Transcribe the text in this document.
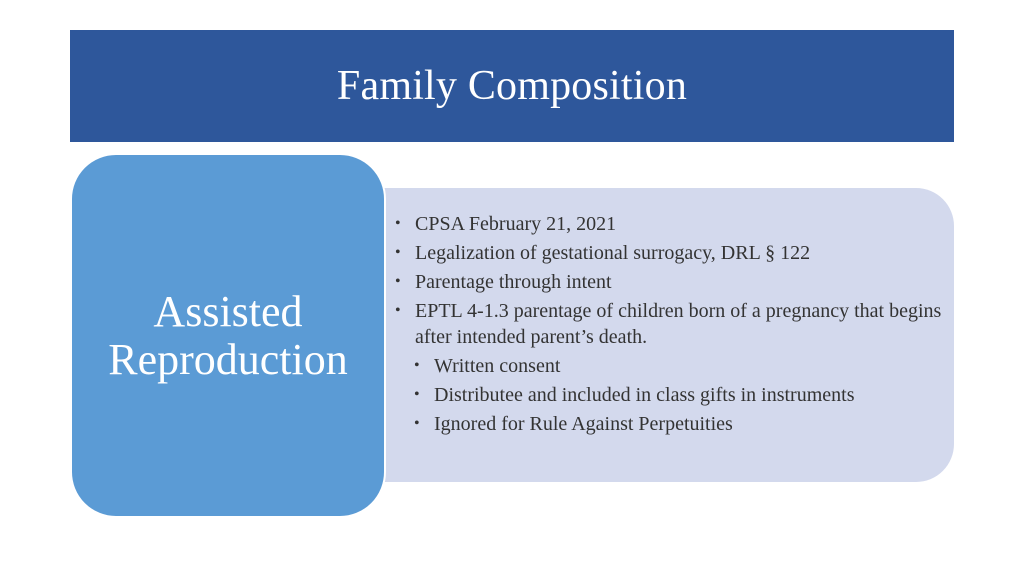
Family Composition
• CPSA February 21, 2021
• Legalization of gestational surrogacy, DRL § 122
• Parentage through intent
• EPTL 4-1.3 parentage of children born of a pregnancy that begins after intended parent’s death.
• Written consent
• Distributee and included in class gifts in instruments
• Ignored for Rule Against Perpetuities
Assisted
Reproduction
